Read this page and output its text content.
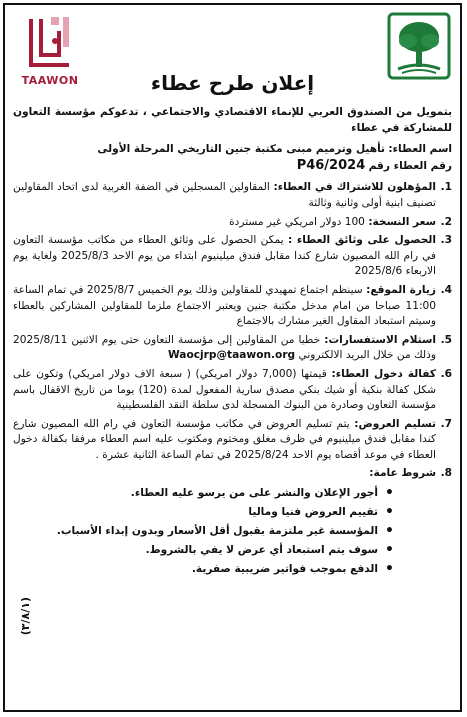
TAAWON	إعلان طرح عطاء

بتمويل من الصندوق العربي للإنماء الاقتصادي والاجتماعي ، تدعوكم مؤسسة التعاون للمشاركة في عطاء

اسم العطاء: تأهيل وترميم مبنى مكتبة جنين التاريخي المرحلة الأولى

رقم العطاء رقم P46/2024

1.
المؤهلون للاشتراك في العطاء: المقاولين المسجلين في الضفة الغربية لدى اتحاد المقاولين تصنيف ابنية أولى وثانية وثالثة
2.
سعر النسخة: 100 دولار امريكي غير مستردة
3.
الحصول على وثائق العطاء : يمكن الحصول على وثائق العطاء من مكاتب مؤسسة التعاون في رام الله المصيون شارع كندا مقابل فندق ميلينيوم ابتداء من يوم الاحد 2025/8/3 ولغاية يوم الاربعاء 2025/8/6
4.
زيارة الموقع: سينظم اجتماع تمهيدي للمقاولين وذلك يوم الخميس 2025/8/7 في تمام الساعة 11:00 صباحا من امام مدخل مكتبة جنين ويعتبر الاجتماع ملزما للمقاولين المشاركين بالعطاء وسيتم استبعاد المقاول الغير مشارك بالاجتماع
5.
استلام الاستفسارات: خطيا من المقاولين إلى مؤسسة التعاون حتى يوم الاثنين 2025/8/11 وذلك من خلال البريد الالكتروني Waocjrp@taawon.org
6.
كفالة دخول العطاء: قيمتها (7,000 دولار امريكي) ( سبعة الاف دولار امريكي) وتكون على شكل كفالة بنكية أو شيك بنكي مصدق سارية المفعول لمدة (120) يوما من تاريخ الاقفال باسم مؤسسة التعاون وصادرة من البنوك المسجلة لدى سلطة النقد الفلسطينية
7.
تسليم العروض: يتم تسليم العروض في مكاتب مؤسسة التعاون في رام الله المصيون شارع كندا مقابل فندق ميلينيوم في ظرف مغلق ومختوم ومكتوب عليه اسم العطاء مرفقا بكفالة دخول العطاء في موعد أقصاه يوم الاحد 2025/8/24 في تمام الساعة الثانية عشرة .
8.
شروط عامة:
• أجور الإعلان والنشر على من يرسو عليه العطاء.
• تقييم العروض فنيا وماليا
• المؤسسة غير ملتزمة بقبول أقل الأسعار وبدون إبداء الأسباب.
• سوف يتم استبعاد أي عرض لا يفي بالشروط.
• الدفع بموجب فواتير ضريبية صفرية.
(٣/٨/١)
